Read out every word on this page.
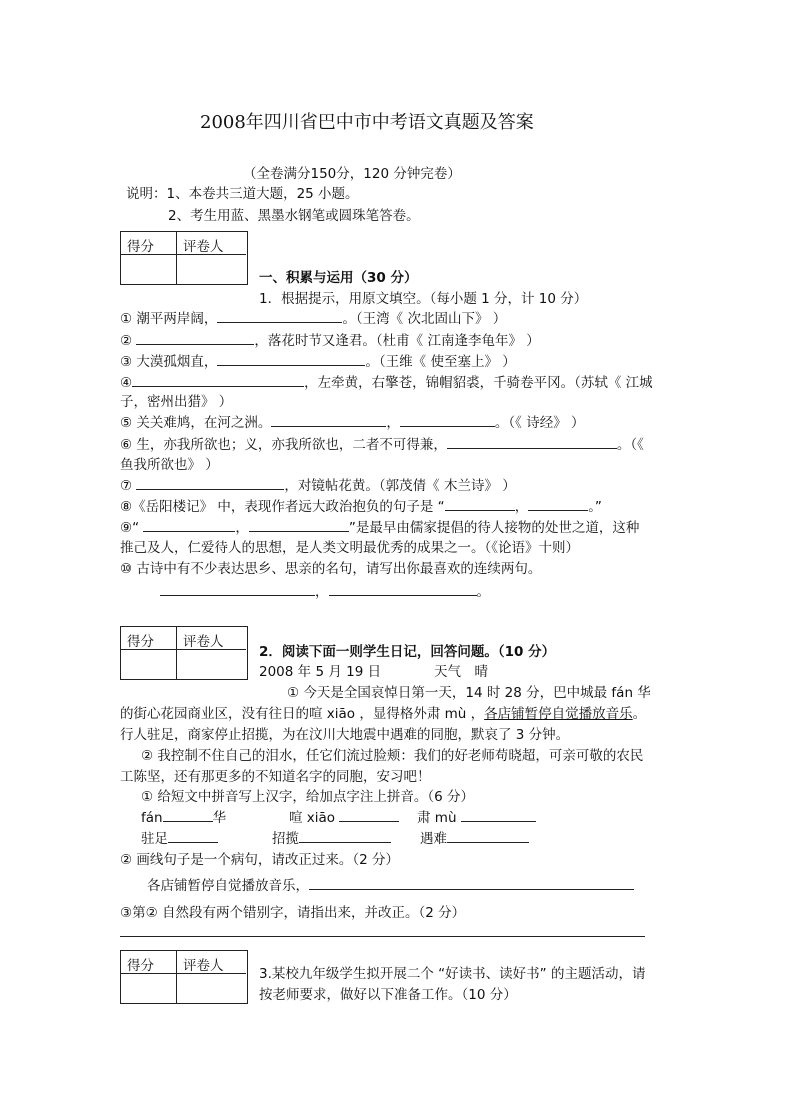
2008年四川省巴中市中考语文真题及答案
（全卷满分150分，120 分钟完卷）
说明：1、本卷共三道大题，25 小题。
2、考生用蓝、黑墨水钢笔或圆珠笔答卷。
得分 评卷人
一、积累与运用（30 分）
1．根据提示，用原文填空。（每小题 1 分，计 10 分）
① 潮平两岸阔，	。（王湾《 次北固山下》 ）
②	，落花时节又逢君。（杜甫《 江南逢李龟年》 ）
③ 大漠孤烟直，	。（王维《 使至塞上》 ）
④	，左牵黄，右擎苍，锦帽貂裘，千骑卷平冈。（苏轼《 江城
子，密州出猎》 ）
⑤ 关关难鸠，在河之洲。	，	。（《 诗经》 ）
⑥ 生，亦我所欲也；义，亦我所欲也，二者不可得兼，	。（《
鱼我所欲也》 ）
⑦	，对镜帖花黄。（郭茂倩《 木兰诗》 ）
⑧《岳阳楼记》 中，表现作者远大政治抱负的句子是 “	，	。”
⑨“	，	”是最早由儒家提倡的待人接物的处世之道，这种
推己及人，仁爱待人的思想，是人类文明最优秀的成果之一。（《论语》十则）
⑩ 古诗中有不少表达思乡、思亲的名句，请写出你最喜欢的连续两句。
，	。
得分 评卷人
2．阅读下面一则学生日记，回答问题。（10 分）
2008 年 5 月 19 日	天气　晴
① 今天是全国哀悼日第一天，14 时 28 分，巴中城最 fán 华
的街心花园商业区，没有往日的喧 xiāo ，显得格外肃 mù ，各店铺暂停自觉播放音乐。
行人驻足，商家停止招揽，为在汶川大地震中遇难的同胞，默哀了 3 分钟。
② 我控制不住自己的泪水，任它们流过脸颊：我们的好老师苟晓超，可亲可敬的农民
工陈坚，还有那更多的不知道名字的同胞，安习吧！
① 给短文中拼音写上汉字，给加点字注上拼音。（6 分）
fán	华	喧 xiāo	肃 mù
驻足	招揽	遇难
② 画线句子是一个病句，请改正过来。（2 分）
各店铺暂停自觉播放音乐，
③第② 自然段有两个错别字，请指出来，并改正。（2 分）
得分 评卷人	3.某校九年级学生拟开展二个 “好读书、读好书” 的主题活动，请
按老师要求，做好以下准备工作。（10 分）
